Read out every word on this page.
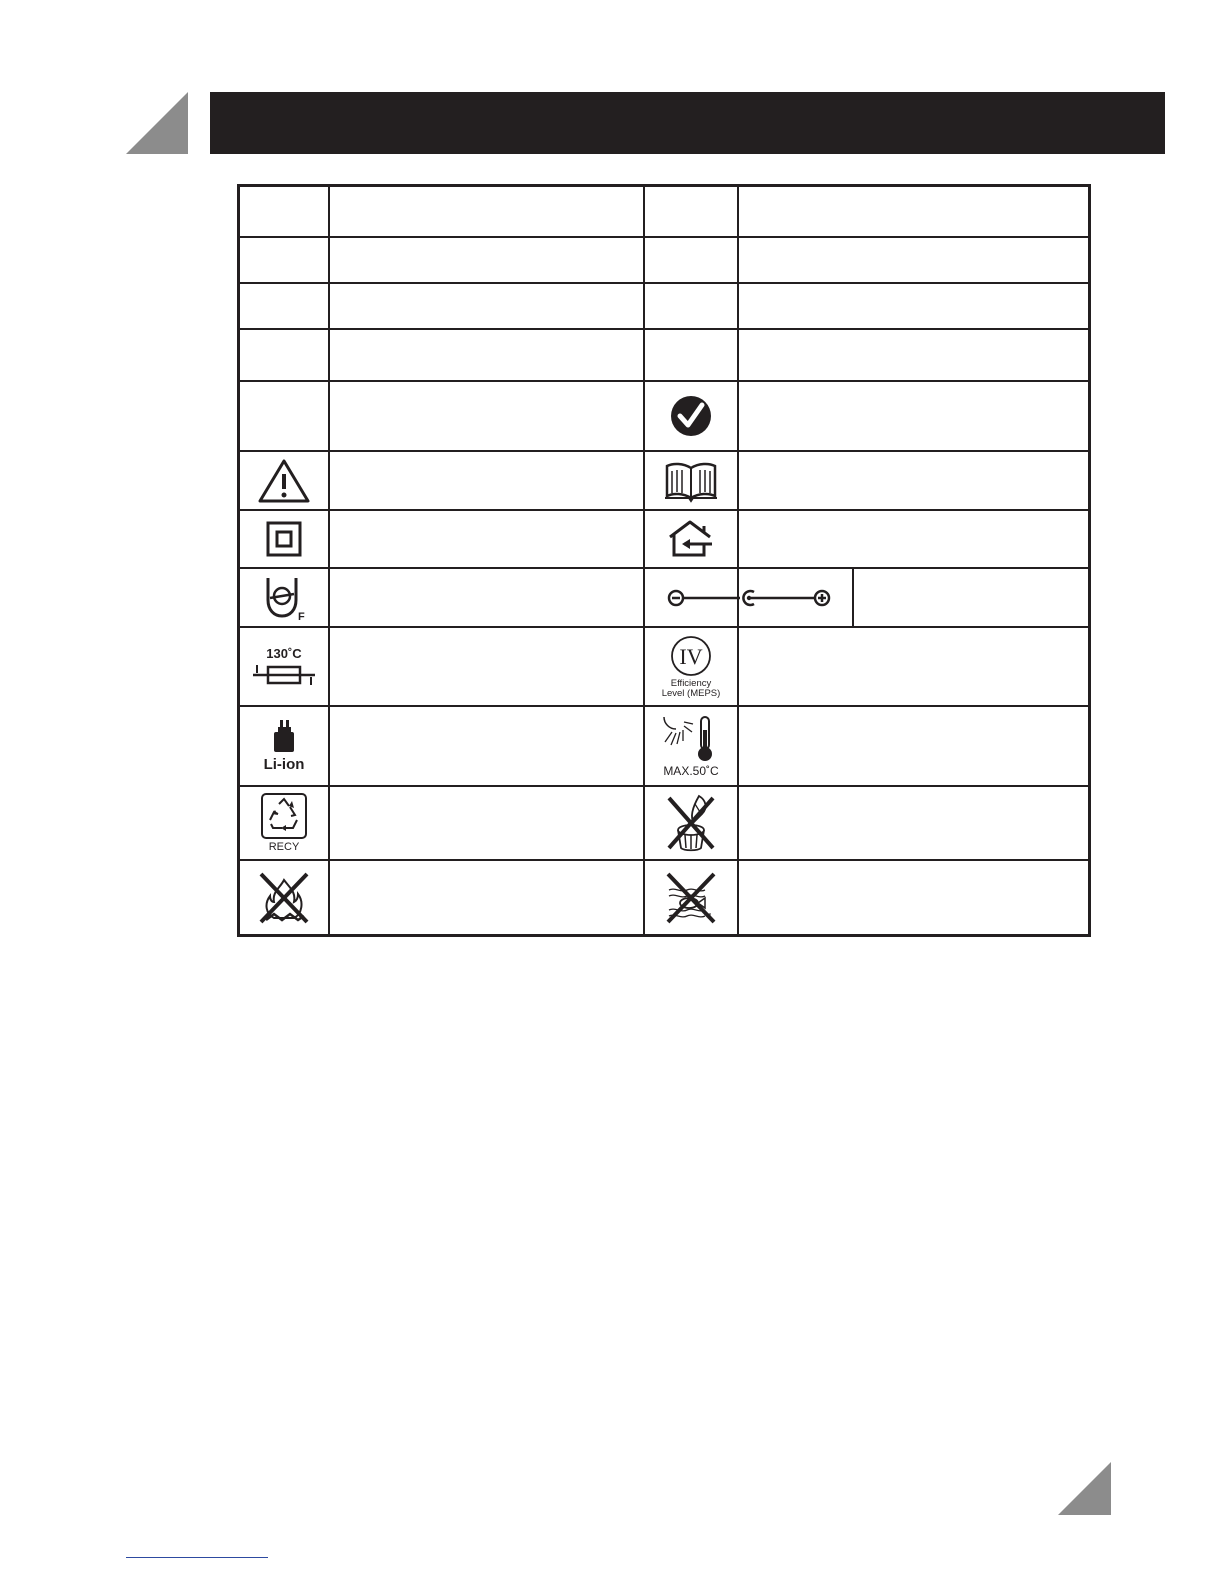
F
130˚C	IV
Efficiency
Level (MEPS)
Li-ion	MAX.50˚C
RECY
